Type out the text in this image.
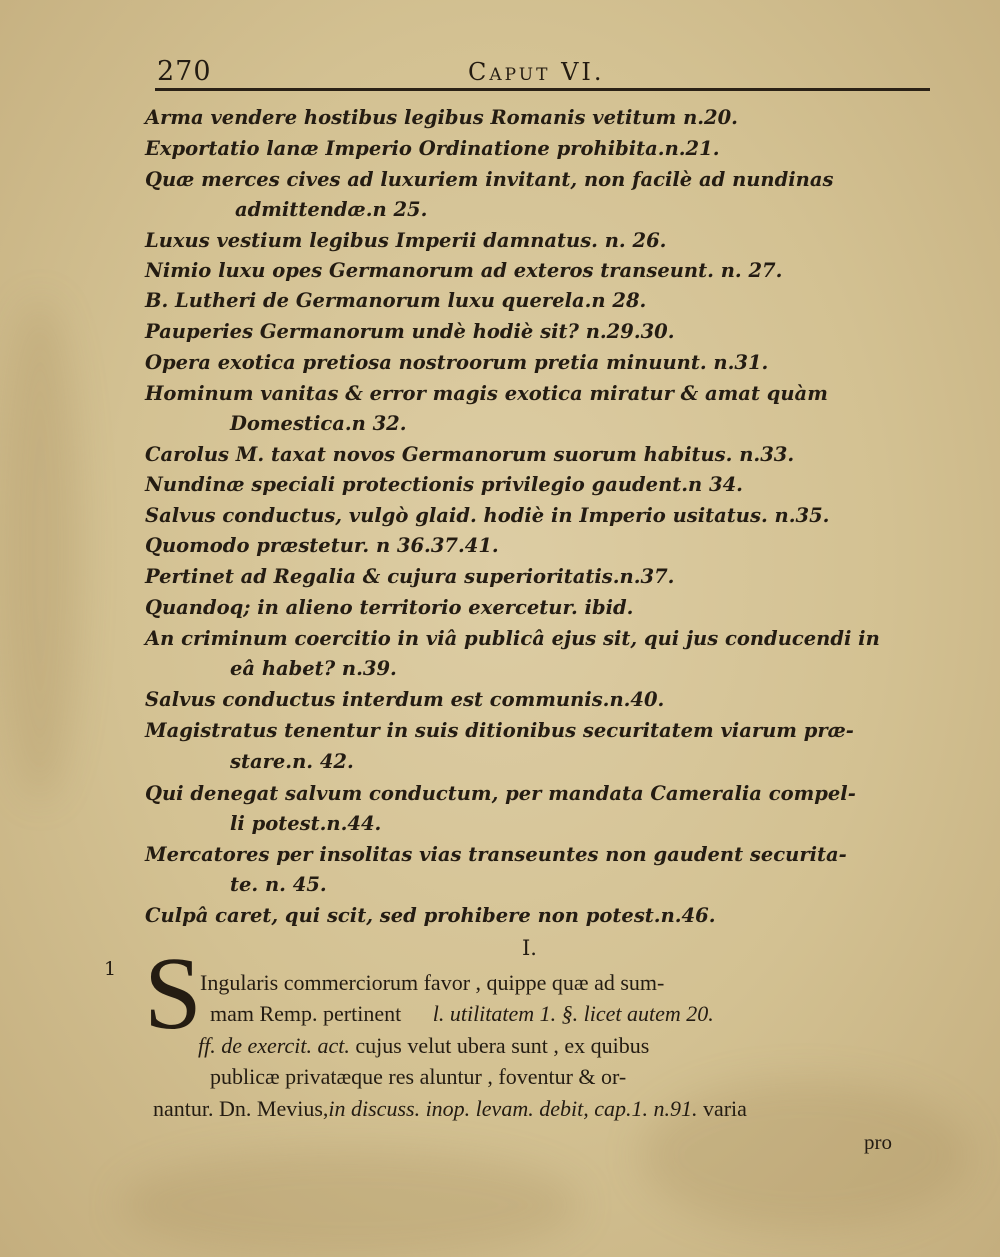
270	Caput VI.
Arma vendere hostibus legibus Romanis vetitum n.20.
Exportatio lanæ Imperio Ordinatione prohibita.n.21.
Quæ merces cives ad luxuriem invitant, non facilè ad nundinas
admittendæ.n 25.
Luxus vestium legibus Imperii damnatus. n. 26.
Nimio luxu opes Germanorum ad exteros transeunt. n. 27.
B. Lutheri de Germanorum luxu querela.n 28.
Pauperies Germanorum undè hodiè sit? n.29.30.
Opera exotica pretiosa nostroorum pretia minuunt. n.31.
Hominum vanitas & error magis exotica miratur & amat quàm
Domestica.n 32.
Carolus M. taxat novos Germanorum suorum habitus. n.33.
Nundinæ speciali protectionis privilegio gaudent.n 34.
Salvus conductus, vulgò glaid. hodiè in Imperio usitatus. n.35.
Quomodo præstetur. n 36.37.41.
Pertinet ad Regalia & cujura superioritatis.n.37.
Quandoq; in alieno territorio exercetur. ibid.
An criminum coercitio in viâ publicâ ejus sit, qui jus conducendi in
eâ habet? n.39.
Salvus conductus interdum est communis.n.40.
Magistratus tenentur in suis ditionibus securitatem viarum præ-
stare.n. 42.
Qui denegat salvum conductum, per mandata Cameralia compel-
li potest.n.44.
Mercatores per insolitas vias transeuntes non gaudent securita-
te. n. 45.
Culpâ caret, qui scit, sed prohibere non potest.n.46.
I.
1 S
Ingularis commerciorum favor , quippe quæ ad sum-
mam Remp. pertinent l. utilitatem 1. §. licet autem 20.
ff. de exercit. act. cujus velut ubera sunt , ex quibus
publicæ privatæque res aluntur , foventur & or-
nantur. Dn. Mevius,in discuss. inop. levam. debit, cap.1. n.91. varia
pro
